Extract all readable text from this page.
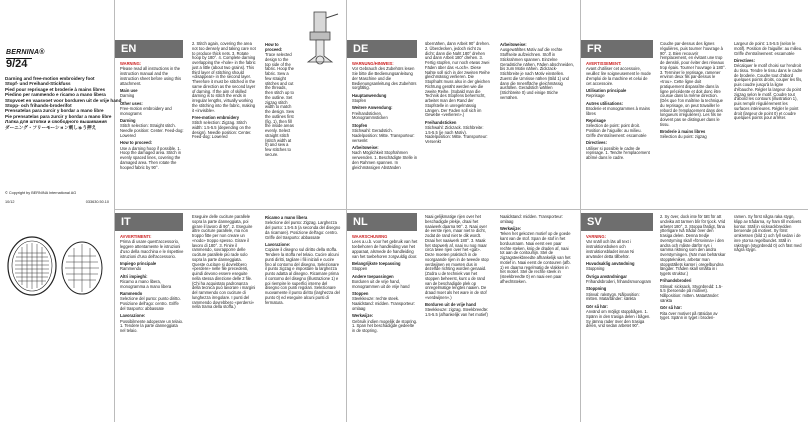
BERNINA®
9/24
Darning and free-motion embroidery foot
Stopf- und Freihand-Stickfuss
Pied pour reprisage et broderie à mains libres
Piedino per rammendo e ricamo a mano libera
Stopvoet en vaasvoet voor borduren uit de vrije hand
Stopp- och frihands-broderifot
Prensatelas para zurcir y bordar a mano libre
Pie prensatelas para zurcir y bordar a mano libre
Лапка для штопки и свободного вышивания
ダーニング・フリーモーション刺しゅう押え
© Copyright by BERNINA International AG
10/12	033630.50.10
EN

WARNING:

Please read all instructions in the instruction manual and the instruction sheet before using this attachment.

Main use

Darning

Other uses:

Free-motion embroidery and monograms

Darning

Stitch selection: Straight stitch. Needle position: Center. Feed-dog: Lowered

How to proceed:

Use a darning hoop if possible. 1. Hoop the damaged area. Stitch in evenly spaced lines, covering the damaged area. Then rotate the hooped fabric by 90°.

2. Stitch again, covering the area not too densely and taking care not to produce thick nets. 3. Rotate hoop by 180°. 4. Complete darning overlapping the «hole» in the fabric just a little (about two grains). This third layer of stitching should «disappear» in the second layer. Therefore it must be stitched in the same direction as the second layer of darning. If the aim of skilled darning is to stitch the ends in irregular lengths, virtually working the stitching into the fabric, making it «invisible».

Free-motion embroidery

Stitch selection: Zigzag. Stitch width: 1.5-5.5 (depending on the design). Needle position: Center. Feed-dog: Lowered

How to proceed:

Trace selected design to the top side of the fabric. Hoop the fabric. Sew a few straight stitches and cut the threads, then stitch up to the outline. Set zigzag stitch width to match the design. Sew the outlines first (fig. 1), then fill the inside areas evenly. Select straight stitch (stitch width at 0) and sew a few stitches to secure.

DE

WARNUNG/HINWEIS:

Vor Gebrauch des Zubehörs lesen Sie bitte die Bedienungsanleitung der Maschine und die Bedienungsanleitung des Zubehörs sorgfältig.

Hauptanwendung

Stopfen

Weitere Anwendung:

Freihandsticken, Monogrammsticken

Stopfen

Stichwahl: Geradstich. Nadelposition: Mitte. Transporteur: versenkt

Arbeitsweise:

Nach Möglichkeit Stopfrahmen verwenden. 1. Beschädigte Stelle in den Rahmen spannen. In gleichmässigen Abständen

übernähen, dann Arbeit 90° drehen. 2. Überdecken, jedoch nicht zu dicht; dann die Naht 180° drehen und dann Arbeit 180° drehen. 3. Fertig stopfen, nur noch etwas zwei Fäden über das «Loch». Diese Nahte soll sich in der zweiten Reihe gleichmässig verlieren. Die Stopfnaht muss also in der gleichen Richtung genäht werden wie die zweite Reihe. (Sobald man die Technik des Stopfens beherrscht, arbeitet man den Rand der Stopfstelle in unregelmässig Längen. Der Faden soll sich im Gewebe «verlieren».)

Freihandsticken

Stichwahl: Zickzack. Stichbreite: 1.5-5.5 (je nach Motiv). Nadelposition: Mitte. Transporteur: Versenkt

Arbeitsweise:

Ausgewähltes Motiv auf die rechte Stoffseite aufzeichnen. Stoff in Stickrahmen spannen. Einzelne Geradstiche nähen, Fäden abschneiden, bis zum Motiv nähen. Zickzack-Stichbreite je nach Motiv einstellen. Zuerst die Umrisse nähen (Bild 1) und dann die Innenfläche gleichmässig ausfüllen. Geradstich wählen (Stichbreite 0) und einige Stiche vernähen.

FR

AVERTISSEMENT:

Avant d'utiliser cet accessoire, veuillez lire soigneusement le mode d'emploi de la machine et celui de cet accessoire.

Utilisation principale

Reprisage

Autres utilisations:

Broderie et monogrammes à mains libres

Reprisage

Sélection de point: point droit. Position de l'aiguille: au milieu. Griffe d'entraînement: escamotée

Directives:

Utiliser si possible le cadre de reprisage. 1. Tendre l'emplacement abîmé dans le cadre.

Coudre par-dessus des lignes régulières, puis tourner l'ouvrage à 90°. 2. Bien recouvrir l'emplacement, en évitant une trop de densité, pour éviter des réseaux trop épais. Tourner l'ouvrage à 180°. 3. Terminer le reprisage, ramener environ deux fils par-dessus le «trou». Cette ligne doit pratiquement disparaître dans la ligne précédente et doit donc être cousue dans la même direction. (Dès que l'on maîtrise la technique du reprisage, on peut travailler le rebord de l'emplacement dans des longueurs irrégulières). Les fils ne doivent pas se distinguer dans le tissu.

Broderie à mains libres

Sélection du point: zigzag

Largeur de point: 1.5-5.5 (selon le motif). Position de l'aiguille: au milieu. Griffe d'entraînement: escamotée

Directives:

Décalquer le motif choisi sur l'endroit du tissu. Tendre le tissu dans le cadre de broderie. Coudre tout d'abord quelques points droits, couper les fils, puis coudre jusqu'à la ligne d'ébauche. Régler la largeur du point zigzag selon le motif. Coudre tout d'abord les contours (illustration 1), puis remplir régulièrement les surfaces intérieures. Régler le point droit (largeur de point 0) et coudre quelques points pour arrêter.

IT

AVVERTIMENTI:

Prima di usare quest'accessorio, leggere attentamente le istruzioni d'uso della macchina e le rispettive istruzioni d'uso dell'accessorio.

Impiego principale

Rammendo

Altri impieghi:

Ricamo a mano libera, monogramma a mano libera

Rammendo

Selezione del punto: punto diritto. Posizione dell'ago: centro. Griffe del trasporto: abbassate

Lavorazione:

Possibilmente adoperare un telaio. 1. Tendere la parte danneggiata nel telaio.

Eseguire delle cuciture parallele sopra la parte danneggiata, poi girare il lavoro di 90°. 2. Eseguire altre cuciture parallele, ma non troppo fitte per non creare un «nodo» troppo spesso. Girare il lavoro di 180°. 3. Finire il rammendo, sovrapporre delle cuciture parallele più rade solo sopra la parte danneggiata. Queste cuciture si dovrebbero «perdere» nelle file precedenti, quindi devono essere eseguite nella stessa direzione delle 2 file. (Chi ha acquistato padronanza della tecnica può lavorare i margini del rammendo con cuciture di lunghezza irregolare. I punti del rammendo dovrebbero «perdersi» nella trama della stoffa.)

Ricamo a mano libera

Selezione del punto: Zigzag. Larghezza del punto: 1.5-5.5 (a seconda del disegno da ricamare). Posizione dell'ago: centro. Griffe del trasporto: abbassate

Lavorazione:

Copiare il disegno sul diritto della stoffa. Tendere la stoffa nel telaio. Cucire alcuni punti diritti, tagliare i fili iniziali e cucire fino al contorno del disegno. Selezionare il punto zigzag e impostare la larghezza punto adatta al disegno. Ricamare prima il contorno del disegno (illustrazione 1) e poi riempire le superfici interne del disegno con punti regolari. Selezionare nuovamente il punto diritto (larghezza del punto 0) ed eseguire alcuni punti di fermatura.

NL

WAARSCHUWING

Lees a.u.b. voor het gebruik van het toebehoren de handleiding van het apparaat, alsmede de handleiding van het toebehoren zorgvuldig door.

Belangrijkste toepassing

Stoppen

Andere toepassingen

Borduren uit de vrije hand, monogrammen uit de vrije hand

Stoppen

Steekkeuze: rechte steek. Naaldstand: midden. Transporteur: omlaag

Werkwijze:

Gebruik indien mogelijk de stopring. 1. Span het beschadigde gedeelte in de stopring.

Naai gelijkmatige rijen over het beschadigde plekje, draai het naaiwerk daarna 90°. 2. Naai over de eerste rijen, maar niet te dicht, zodat de rand niet te dik wordt. Draai het naaiwerk 180°. 3. Maak het stopwerk af, naai nu nog maar circa twee rijen over het «gat». Deze moeten praktisch in de voorgaande rijen in de tweede stop verdwijnen en moeten dus in dezelfde richting worden genaaid. (Zodra u de techniek van het stoppen beheerst, kunt u de rand van de beschadigde plek op onregelmatige lengtes naaien. De draad moet als het ware in de stof «verdwijnen».)

Borduren uit de vrije hand

Steekkeuze: zigzag. Steekbreedte: 1.5-5.5 (afhankelijk van het motief)

Naaldstand: midden. Transporteur: omlaag

Werkwijze:

Teken het gekozen motief op de goede kant van de stof. Span de stof in het borduurraam. Naai eerst een paar rechte steken, knip de draden af, naai tot aan de contourlijn. Stel de zigzagsteekbreedte afhankelijk van het motief in. Naai eerst de contouren (afb. 1) en daarna regelmatig de vlakken in het motief. Stel de rechte steek in (steekbreedte 0) en naai een paar afhechtsteken.

SV

VARNING:

Var snäll och läs all text i instruktionsboken och instruktionsbladet innan Ni använder detta tillbehör.

Huvudsaklig användning

Stoppning

Övriga användningar

Frihandsbroderi, frihandsmonogram

Stoppning

Stinval: rakstygn. Nålposition: mitten. Matartänder: sänkta

Gör så här:

Använd om möjligt stoppbågen. 1. Spänn in den trasiga delen i bågen. Sy jämna rader över den trasiga delen, vrid sedan arbetet 90°.

2. Sy över, dock inte för tätt för att undvika att tarmen blir för tjock. Vrid arbetet 180°. 3. Stoppa färdigt, fäna ytterligare två trådar över den trasiga delen. Denna tredje överstyrning skall «försvinna» i den andra och måste därför sys i samma riktning som den andra överstyrningen. (När man behärskar stopptekniken, arbetar man stoppställets kanter i oregelbundna längder. Tråden skall smälta in i tygets struktur.)

Frihandsbroderi

Stinval: sicksack. Stygnbredd: 1.5-5.5 (beroende på motivet). Nålposition: mitten. Matartänder: sänkta

Gör så här:

Rita över motivet på rätsidan av tyget. Spänn in tyget i broderi-

ramen. Sy först några raka stygn, klipp av trådarna, sy fram till motivets kontur. Ställ in sicksackbredden beroende på motivet. Sy först omkretsen (bild 1) och fyll sedan i de inre ytorna regelbundet. Ställ in rakstygn (stygnbredd 0) och fäst med några stygn.
